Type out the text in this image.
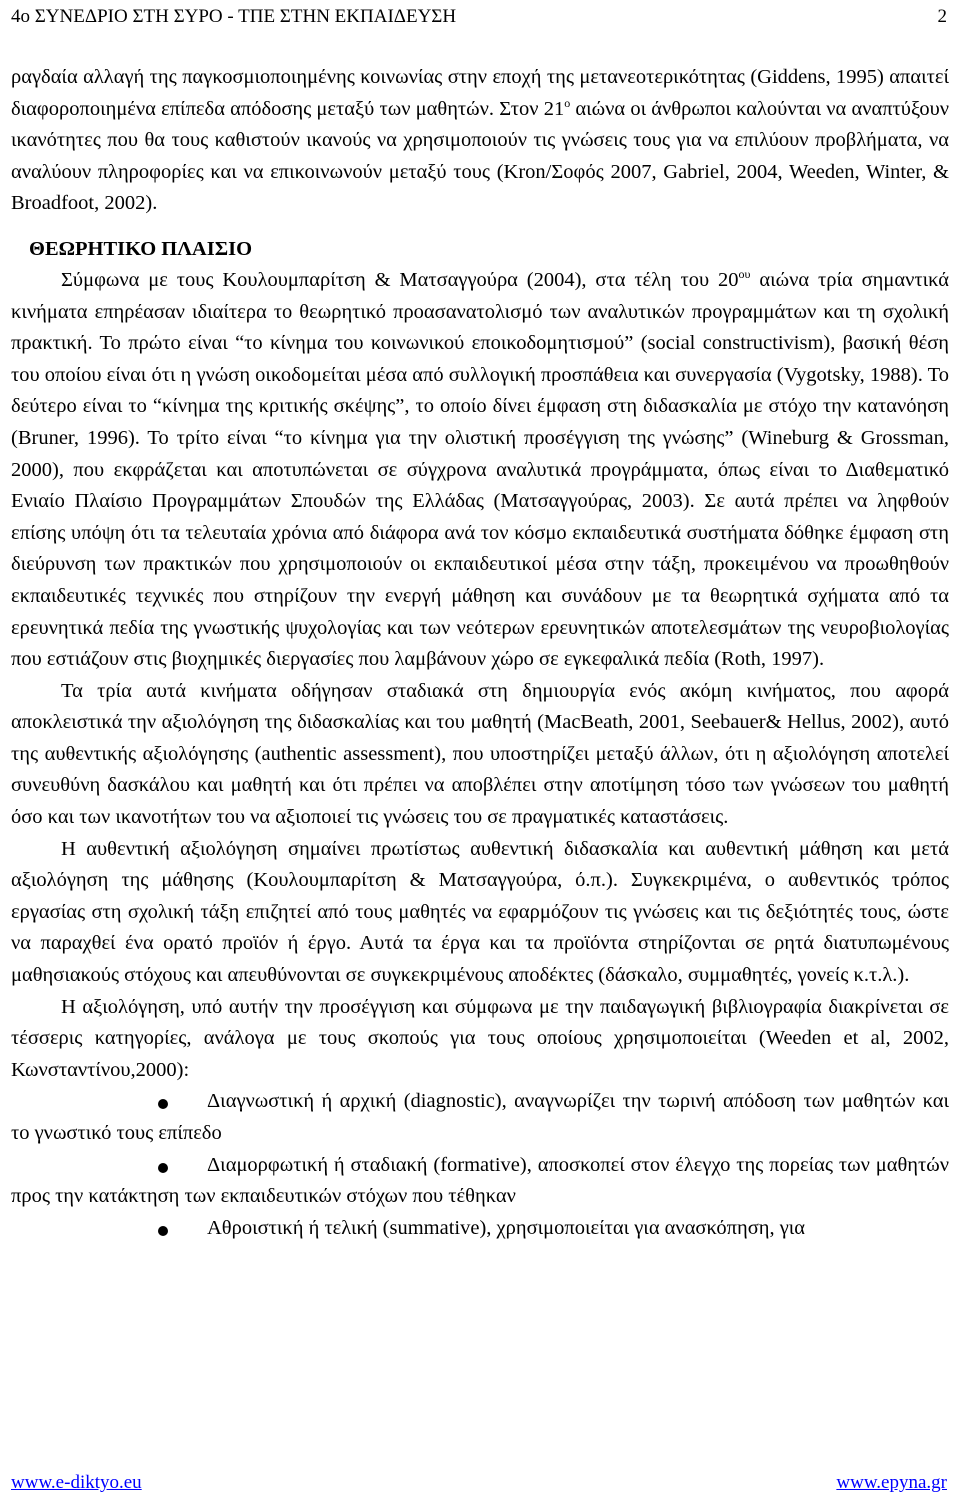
4ο ΣΥΝΕΔΡΙΟ ΣΤΗ ΣΥΡΟ - ΤΠΕ ΣΤΗΝ ΕΚΠΑΙΔΕΥΣΗ	2

ραγδαία αλλαγή της παγκοσμιοποιημένης κοινωνίας στην εποχή της μετανεοτερικότητας (Giddens, 1995) απαιτεί διαφοροποιημένα επίπεδα απόδοσης μεταξύ των μαθητών. Στον $21^o$ αιώνα οι άνθρωποι καλούνται να αναπτύξουν ικανότητες που θα τους καθιστούν ικανούς να χρησιμοποιούν τις γνώσεις τους για να επιλύουν προβλήματα, να αναλύουν πληροφορίες και να επικοινωνούν μεταξύ τους (Kron/Σοφός 2007, Gabriel, 2004, Weeden, Winter, & Broadfoot, 2002).

ΘΕΩΡΗΤΙΚΟ ΠΛΑΙΣΙΟ

Σύμφωνα με τους Κουλουμπαρίτση & Ματσαγγούρα (2004), στα τέλη του $20^{o\upsilon}$ αιώνα τρία σημαντικά κινήματα επηρέασαν ιδιαίτερα το θεωρητικό προασανατολισμό των αναλυτικών προγραμμάτων και τη σχολική πρακτική. Το πρώτο είναι “το κίνημα του κοινωνικού εποικοδομητισμού” (social constructivism), βασική θέση του οποίου είναι ότι η γνώση οικοδομείται μέσα από συλλογική προσπάθεια και συνεργασία (Vygotsky, 1988). Το δεύτερο είναι το “κίνημα της κριτικής σκέψης”, το οποίο δίνει έμφαση στη διδασκαλία με στόχο την κατανόηση (Bruner, 1996). Το τρίτο είναι “το κίνημα για την ολιστική προσέγγιση της γνώσης” (Wineburg & Grossman, 2000), που εκφράζεται και αποτυπώνεται σε σύγχρονα αναλυτικά προγράμματα, όπως είναι το Διαθεματικό Ενιαίο Πλαίσιο Προγραμμάτων Σπουδών της Ελλάδας (Ματσαγγούρας, 2003). Σε αυτά πρέπει να ληφθούν επίσης υπόψη ότι τα τελευταία χρόνια από διάφορα ανά τον κόσμο εκπαιδευτικά συστήματα δόθηκε έμφαση στη διεύρυνση των πρακτικών που χρησιμοποιούν οι εκπαιδευτικοί μέσα στην τάξη, προκειμένου να προωθηθούν εκπαιδευτικές τεχνικές που στηρίζουν την ενεργή μάθηση και συνάδουν με τα θεωρητικά σχήματα από τα ερευνητικά πεδία της γνωστικής ψυχολογίας και των νεότερων ερευνητικών αποτελεσμάτων της νευροβιολογίας που εστιάζουν στις βιοχημικές διεργασίες που λαμβάνουν χώρο σε εγκεφαλικά πεδία (Roth, 1997).

Τα τρία αυτά κινήματα οδήγησαν σταδιακά στη δημιουργία ενός ακόμη κινήματος, που αφορά αποκλειστικά την αξιολόγηση της διδασκαλίας και του μαθητή (MacBeath, 2001, Seebauer& Hellus, 2002), αυτό της αυθεντικής αξιολόγησης (authentic assessment), που υποστηρίζει μεταξύ άλλων, ότι η αξιολόγηση αποτελεί συνευθύνη δασκάλου και μαθητή και ότι πρέπει να αποβλέπει στην αποτίμηση τόσο των γνώσεων του μαθητή όσο και των ικανοτήτων του να αξιοποιεί τις γνώσεις του σε πραγματικές καταστάσεις.

Η αυθεντική αξιολόγηση σημαίνει πρωτίστως αυθεντική διδασκαλία και αυθεντική μάθηση και μετά αξιολόγηση της μάθησης (Κουλουμπαρίτση & Ματσαγγούρα, ό.π.). Συγκεκριμένα, ο αυθεντικός τρόπος εργασίας στη σχολική τάξη επιζητεί από τους μαθητές να εφαρμόζουν τις γνώσεις και τις δεξιότητές τους, ώστε να παραχθεί ένα ορατό προϊόν ή έργο. Αυτά τα έργα και τα προϊόντα στηρίζονται σε ρητά διατυπωμένους μαθησιακούς στόχους και απευθύνονται σε συγκεκριμένους αποδέκτες (δάσκαλο, συμμαθητές, γονείς κ.τ.λ.).

Η αξιολόγηση, υπό αυτήν την προσέγγιση και σύμφωνα με την παιδαγωγική βιβλιογραφία διακρίνεται σε τέσσερις κατηγορίες, ανάλογα με τους σκοπούς για τους οποίους χρησιμοποιείται (Weeden et al, 2002, Κωνσταντίνου,2000):

Διαγνωστική ή αρχική (diagnostic), αναγνωρίζει την τωρινή απόδοση των μαθητών και το γνωστικό τους επίπεδο
Διαμορφωτική ή σταδιακή (formative), αποσκοπεί στον έλεγχο της πορείας των μαθητών προς την κατάκτηση των εκπαιδευτικών στόχων που τέθηκαν
Αθροιστική ή τελική (summative), χρησιμοποιείται για ανασκόπηση, για
www.e-diktyo.eu	www.epyna.gr
